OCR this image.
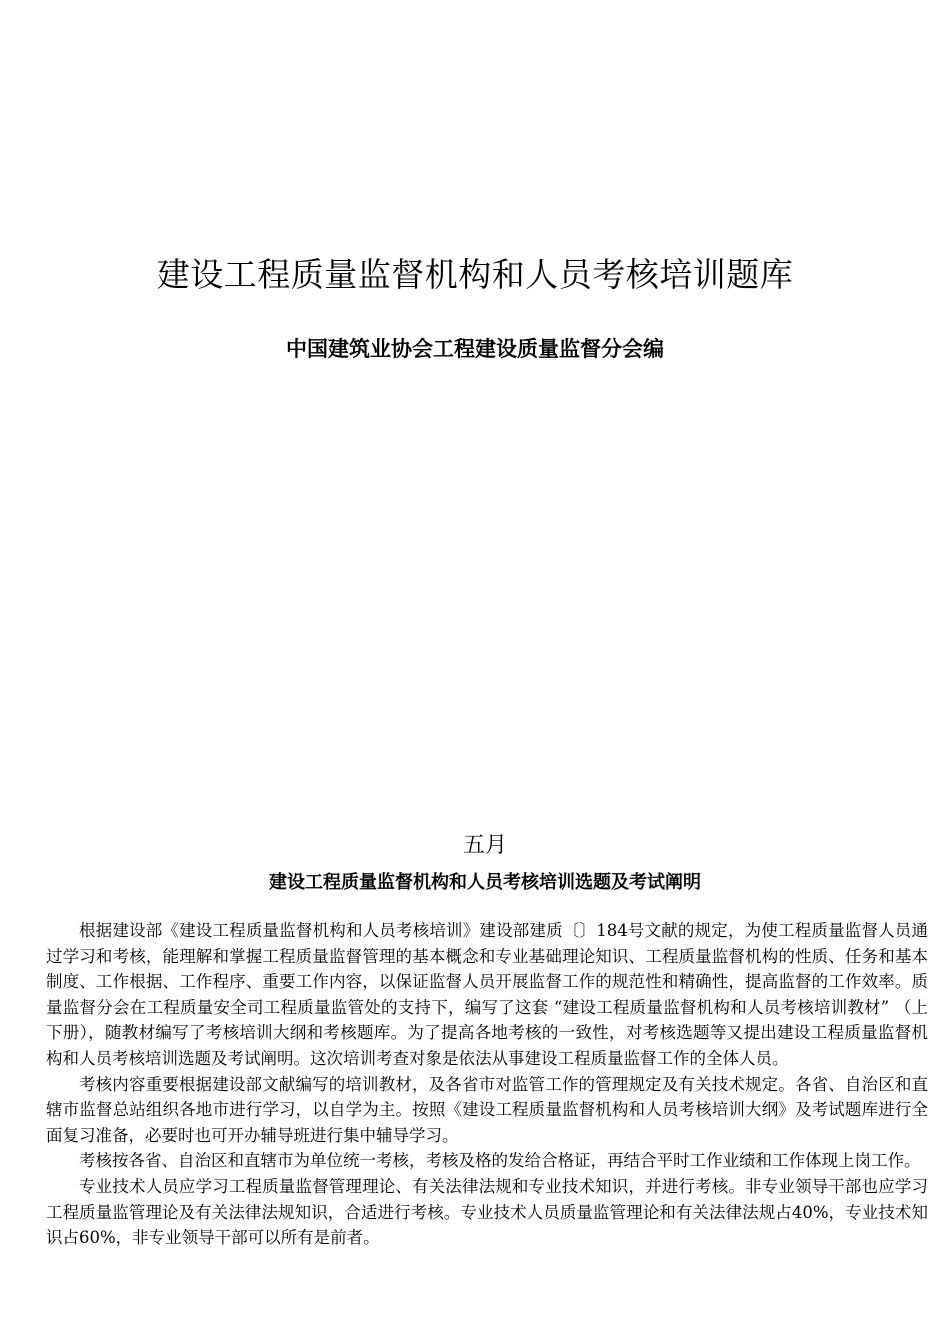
建设工程质量监督机构和人员考核培训题库
中国建筑业协会工程建设质量监督分会编
五月
建设工程质量监督机构和人员考核培训选题及考试阐明

根据建设部《建设工程质量监督机构和人员考核培训》建设部建质〔〕184号文献的规定，为使工程质量监督人员通过学习和考核，能理解和掌握工程质量监督管理的基本概念和专业基础理论知识、工程质量监督机构的性质、任务和基本制度、工作根据、工作程序、重要工作内容，以保证监督人员开展监督工作的规范性和精确性，提高监督的工作效率。质量监督分会在工程质量安全司工程质量监管处的支持下，编写了这套 “建设工程质量监督机构和人员考核培训教材” （上下册），随教材编写了考核培训大纲和考核题库。为了提高各地考核的一致性，对考核选题等又提出建设工程质量监督机构和人员考核培训选题及考试阐明。这次培训考查对象是依法从事建设工程质量监督工作的全体人员。

考核内容重要根据建设部文献编写的培训教材，及各省市对监管工作的管理规定及有关技术规定。各省、自治区和直辖市监督总站组织各地市进行学习，以自学为主。按照《建设工程质量监督机构和人员考核培训大纲》及考试题库进行全面复习准备，必要时也可开办辅导班进行集中辅导学习。

考核按各省、自治区和直辖市为单位统一考核，考核及格的发给合格证，再结合平时工作业绩和工作体现上岗工作。

专业技术人员应学习工程质量监督管理理论、有关法律法规和专业技术知识，并进行考核。非专业领导干部也应学习工程质量监管理论及有关法律法规知识，合适进行考核。专业技术人员质量监管理论和有关法律法规占40%，专业技术知识占60%，非专业领导干部可以所有是前者。
